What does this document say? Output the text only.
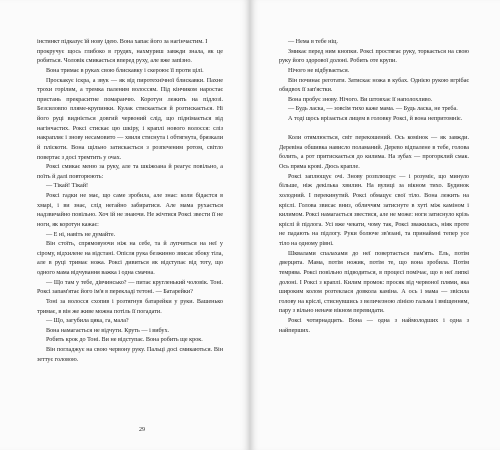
інстинкт підказує їй нову ідею. Вона хапає його за нагінчастим. І

прокручує щось глибоко в грудях, нахмуриш завжди знала, як це робиться. Чоловік смикається вперед руху, але вже запізно.

Вона тримає в руках свою блискавку і скероює її проти цілі.

Проскакує іскра, а звук — як від пиротехнічної блискавки. Пахне трохи горілим, а тремка паленим волоссям. Під кінчиком наростає пристань прекраситне помаранчю. Коротун лежить на підлозі. Безсиловпо пляме-крупинки. Кулак стискається й розтискається. Ні його руці видніється довгий червоний слід, що піднімається від нагінчастих. Роксі стискає цю шкіру, і краплі нового волосся: сліз накрапляє і знову несамовито — хвиля стиснута і обтягнута, брязкали й пліскоти. Вона щільно затискається з розпеченим ротом, світло повертає з досі тремтить у очах.

Роксі смикає меню за руку, але та шкіжоана й реагує повільно, а поїть й далі повторюють:

— Тікай! Тікай!

Роксі гадки не має, що саме зробила, але знає: коли бідаєтся в хмарі, і ви знає, слід негайно забиратися. Але мама рухається надзвичайно повільно. Хоч ій не знаючи. Не жічтися Роксі звести її не ноги, як коротун кажає:

— Е ні, навіть не думайте.

Він стоїть, спрямовуючи ніж на себе, та й лупчиться на неї у сірому, відхилене на відстані. Опісля рука безжинно звисає збоку тіла, але в руці тримає ножа. Роксі дивиться як відступає від тоту, що одного мама відчування важка і одна смачна.

— Що там у тебе, дівчинсько? — питає кругленький чоловік. Тоні. Роксі запам'ятає його ім'я в перекладі тетоні. — Батарейки?

Тоні за волосся схопив і розтягнув батарейки у руки. Вашенько тримає, в він же живе можна потіль її погадати.

— Що, загубила цяка, га, мала?

Вона намагається не відчути. Круть — і вибух.

Робить крок до Тоні. Ви не відступає. Вона робить ще крок.

Він погладжує на свою червону руку. Пальці досі смикаються. Він зеттує головою.

29

— Нема в тебе ніц.

Змикає перед ним кнопки. Роксі простягає руку, торкається на свою руку його здорової долоні. Робить оте крупи.

Нічого не відбувається.

Він починає реготати. Затискає ножа в кубах. Однією рукою вгрібає обидвох її зап'ястки.

Вона пробує знову. Нічого. Ви штовхає її наполохливо.

— Будь ласка, — зовсім тихо каже мама. — Будь ласка, не треба.

А тоді щось врізається лицем в головку Роксі, й вона непритомніє.

Коли отямлюється, світ перекошений. Ось комінок — як завжди. Деревіна обшивка нависло поламаний. Дерево відпалене в тебе, голова болить, а рот притискається до килима. На зубах — прогорклий смак. Ось пряма крові. Дюсь крапле.

Роксі заплющує очі. Знову розплющує — і розуміє, що минуло більше, ніж декілька хвилин. На вулиці за вікном тихо. Будинок холодний. І перекинутий. Роксі обмацує свої тіло. Вона лежить на кріслі. Голова звисає вниз, обличчям затиснуте в хуті між каміном і килимом. Роксі намагається звестися, але не може: ноги затиснуло крізь кріслі й підлога. Усі вже чекати, чому так, Роксі зважилась, ніяк проте не падають на підлогу. Руки болюче зв'язані, та принаймні тепер усе тіло на одному рівні.

Шквалами спалахами до неї повертається пам'ять. Ель, потім дверцята. Мама, потім ножик, потім те, що вона зробила. Потім темрява. Роксі повільно підводиться, в процесі помічає, що в неї липкі долоні. І Роксі з краплі. Килим промок: просяк від червоної плями, яка широким колом розтеклася довкола каміна. А ось і мама — звісила голову на кріслі, стиснувшись з величезною лінією гальма і вміщенням, пару з вільно неначе вікном перевидати.

Роксі чотирнадцять. Вона — одна з наймолодших і одна з найперших.
